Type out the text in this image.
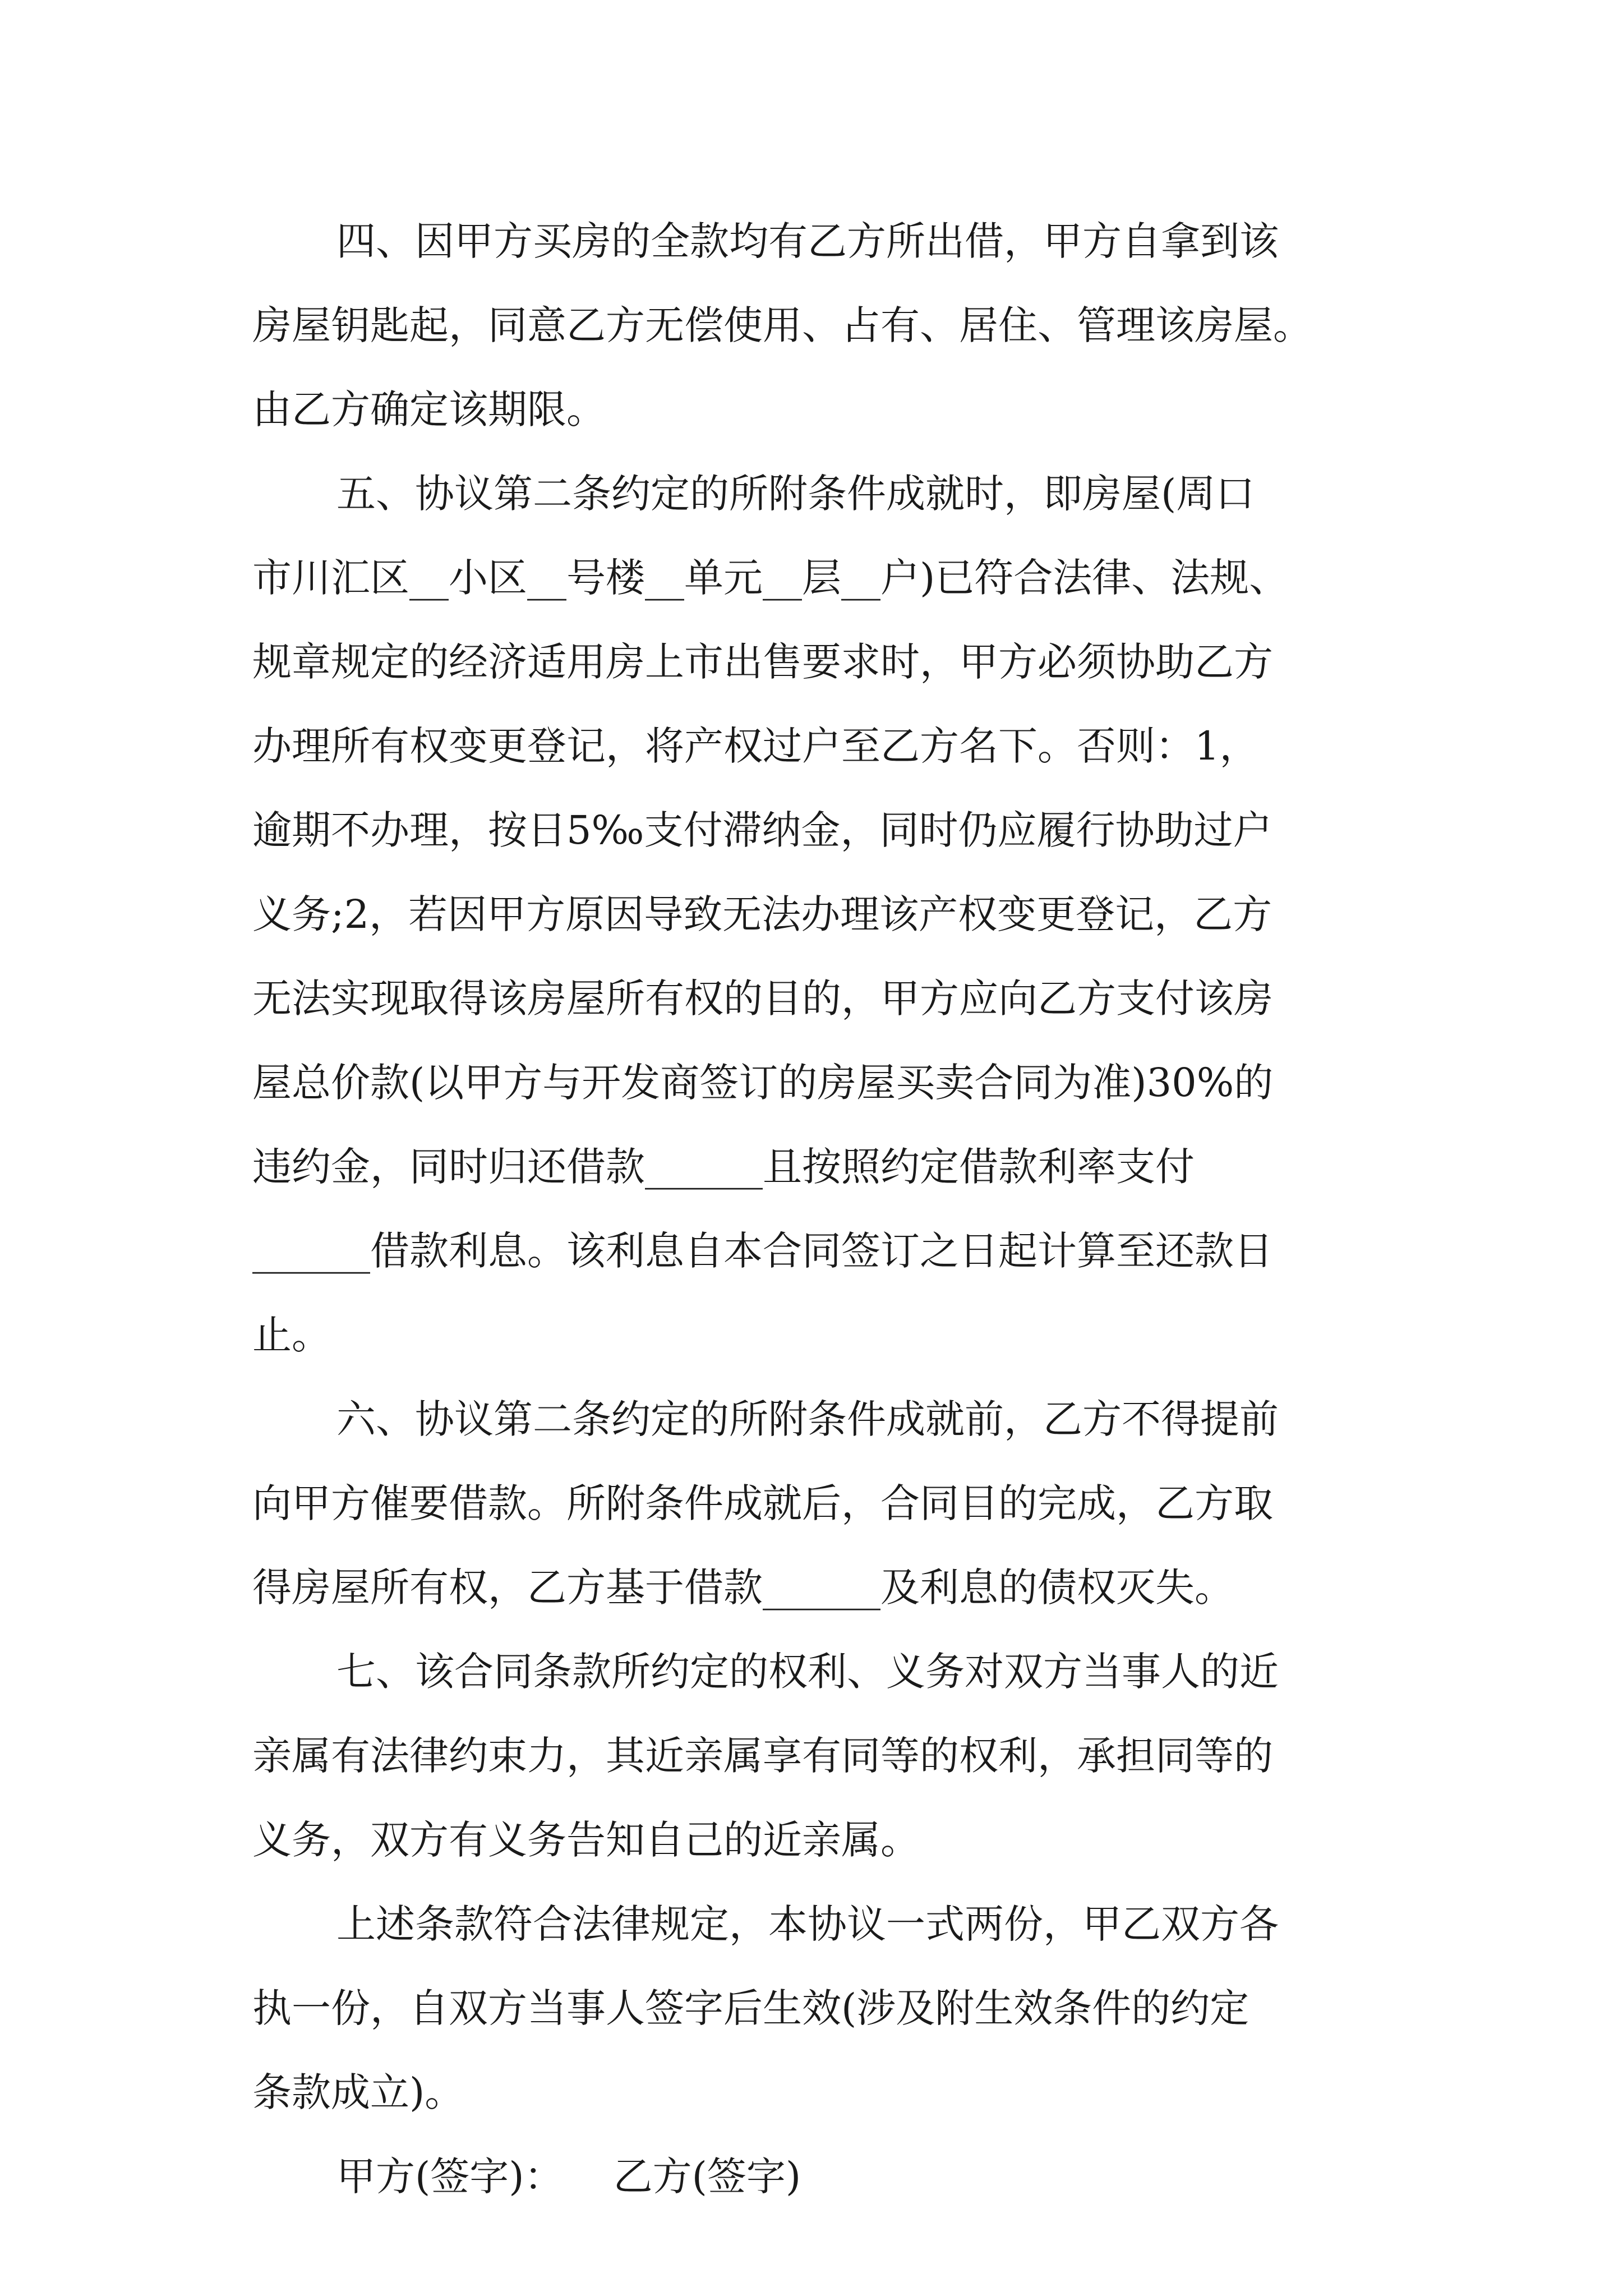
四、因甲方买房的全款均有乙方所出借，甲方自拿到该

房屋钥匙起，同意乙方无偿使用、占有、居住、管理该房屋。

由乙方确定该期限。

五、协议第二条约定的所附条件成就时，即房屋(周口

市川汇区__小区__号楼__单元__层__户)已符合法律、法规、

规章规定的经济适用房上市出售要求时，甲方必须协助乙方

办理所有权变更登记，将产权过户至乙方名下。否则：1，

逾期不办理，按日5‰支付滞纳金，同时仍应履行协助过户

义务;2，若因甲方原因导致无法办理该产权变更登记，乙方

无法实现取得该房屋所有权的目的，甲方应向乙方支付该房

屋总价款(以甲方与开发商签订的房屋买卖合同为准)30%的

违约金，同时归还借款______且按照约定借款利率支付

______借款利息。该利息自本合同签订之日起计算至还款日

止。

六、协议第二条约定的所附条件成就前，乙方不得提前

向甲方催要借款。所附条件成就后，合同目的完成，乙方取

得房屋所有权，乙方基于借款______及利息的债权灭失。

七、该合同条款所约定的权利、义务对双方当事人的近

亲属有法律约束力，其近亲属享有同等的权利，承担同等的

义务，双方有义务告知自己的近亲属。

上述条款符合法律规定，本协议一式两份，甲乙双方各

执一份，自双方当事人签字后生效(涉及附生效条件的约定

条款成立)。

甲方(签字)：    乙方(签字)
